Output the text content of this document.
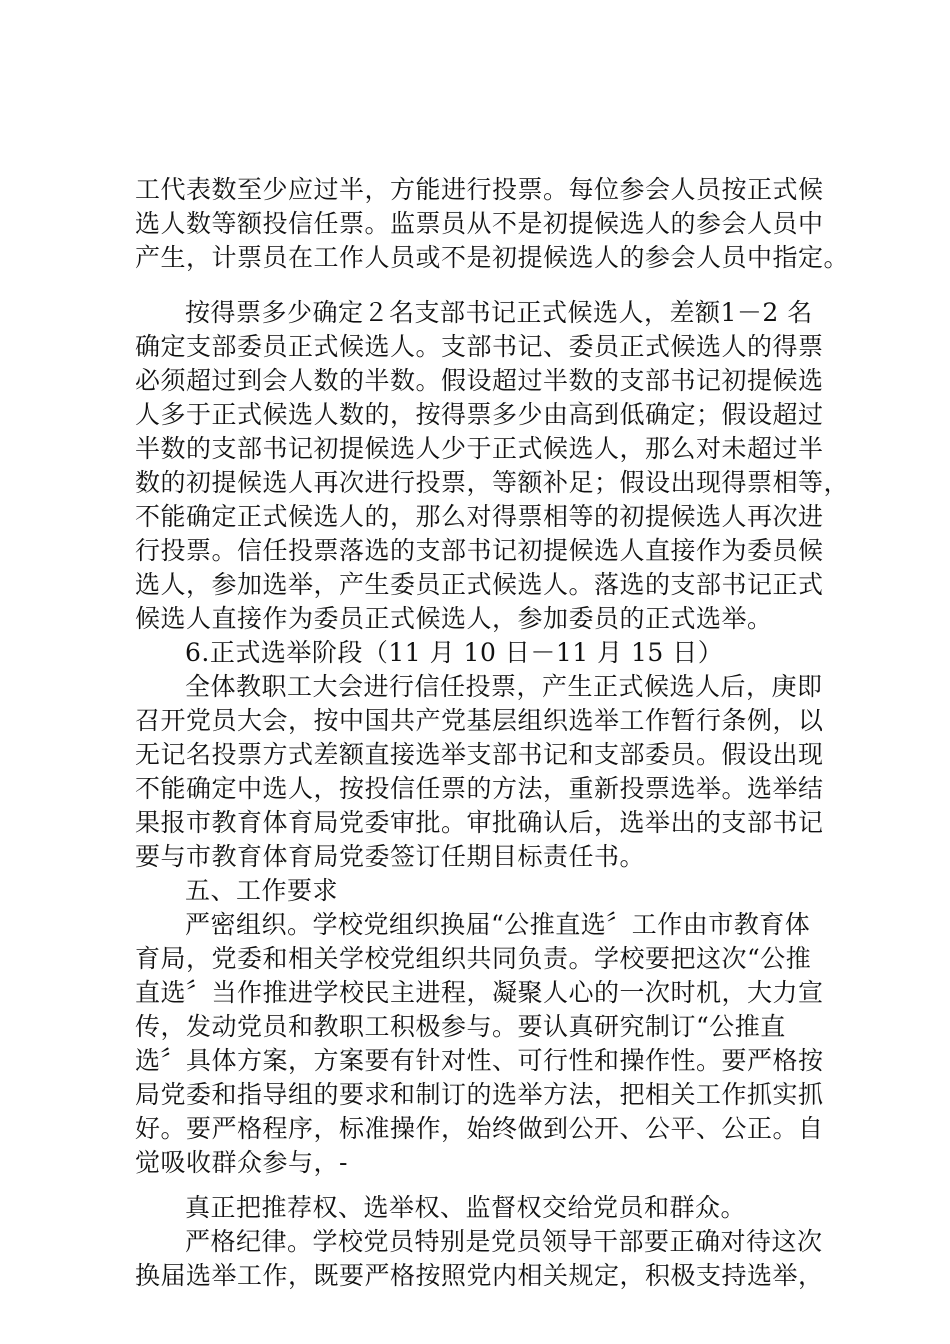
工代表数至少应过半，方能进行投票。每位参会人员按正式候

选人数等额投信任票。监票员从不是初提候选人的参会人员中

产生，计票员在工作人员或不是初提候选人的参会人员中指定。

按得票多少确定２名支部书记正式候选人，差额1－2 名

确定支部委员正式候选人。支部书记、委员正式候选人的得票

必须超过到会人数的半数。假设超过半数的支部书记初提候选

人多于正式候选人数的，按得票多少由高到低确定；假设超过

半数的支部书记初提候选人少于正式候选人，那么对未超过半

数的初提候选人再次进行投票，等额补足；假设出现得票相等，

不能确定正式候选人的，那么对得票相等的初提候选人再次进

行投票。信任投票落选的支部书记初提候选人直接作为委员候

选人，参加选举，产生委员正式候选人。落选的支部书记正式

候选人直接作为委员正式候选人，参加委员的正式选举。

6.正式选举阶段（11 月 10 日－11 月 15 日）

全体教职工大会进行信任投票，产生正式候选人后，庚即

召开党员大会，按中国共产党基层组织选举工作暂行条例，以

无记名投票方式差额直接选举支部书记和支部委员。假设出现

不能确定中选人，按投信任票的方法，重新投票选举。选举结

果报市教育体育局党委审批。审批确认后，选举出的支部书记

要与市教育体育局党委签订任期目标责任书。

五、工作要求

严密组织。学校党组织换届“公推直选〞工作由市教育体

育局，党委和相关学校党组织共同负责。学校要把这次“公推

直选〞当作推进学校民主进程，凝聚人心的一次时机，大力宣

传，发动党员和教职工积极参与。要认真研究制订“公推直

选〞具体方案，方案要有针对性、可行性和操作性。要严格按

局党委和指导组的要求和制订的选举方法，把相关工作抓实抓

好。要严格程序，标准操作，始终做到公开、公平、公正。自

觉吸收群众参与，-

真正把推荐权、选举权、监督权交给党员和群众。

严格纪律。学校党员特别是党员领导干部要正确对待这次

换届选举工作，既要严格按照党内相关规定，积极支持选举，
